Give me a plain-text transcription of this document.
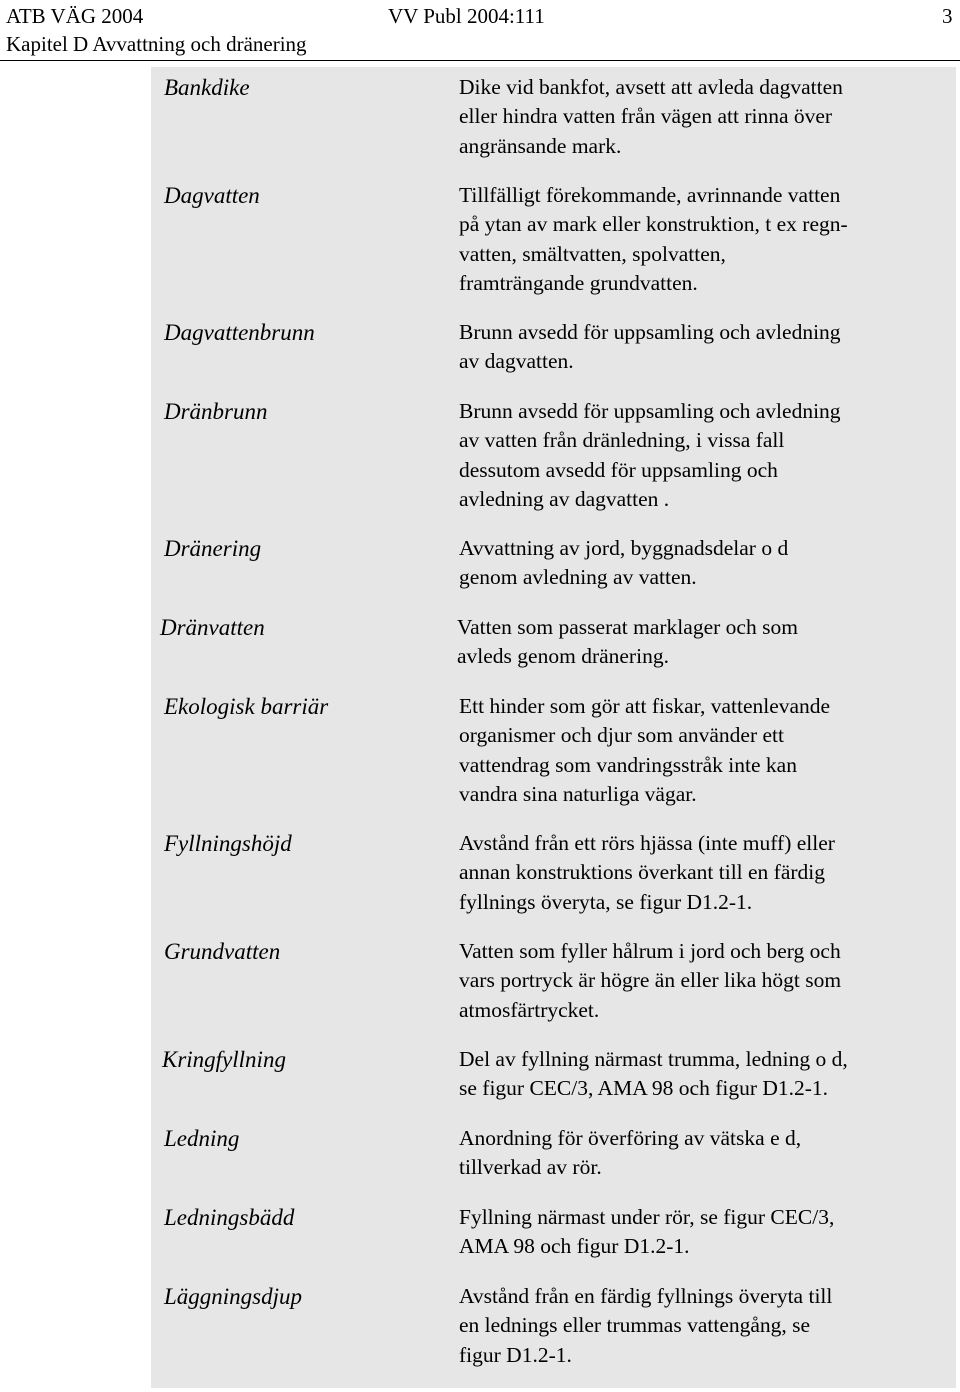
ATB VÄG 2004	VV Publ 2004:111	3
Kapitel D Avvattning och dränering
Bankdike	Dike vid bankfot, avsett att avleda dagvatten
eller hindra vatten från vägen att rinna över
angränsande mark.
Dagvatten	Tillfälligt förekommande, avrinnande vatten
på ytan av mark eller konstruktion, t ex regn-
vatten, smältvatten, spolvatten,
framträngande grundvatten.
Dagvattenbrunn	Brunn avsedd för uppsamling och avledning
av dagvatten.
Dränbrunn	Brunn avsedd för uppsamling och avledning
av vatten från dränledning, i vissa fall
dessutom avsedd för uppsamling och
avledning av dagvatten .
Dränering	Avvattning av jord, byggnadsdelar o d
genom avledning av vatten.
Dränvatten	Vatten som passerat marklager och som
avleds genom dränering.
Ekologisk barriär	Ett hinder som gör att fiskar, vattenlevande
organismer och djur som använder ett
vattendrag som vandringsstråk inte kan
vandra sina naturliga vägar.
Fyllningshöjd	Avstånd från ett rörs hjässa (inte muff) eller
annan konstruktions överkant till en färdig
fyllnings överyta, se figur D1.2-1.
Grundvatten	Vatten som fyller hålrum i jord och berg och
vars portryck är högre än eller lika högt som
atmosfärtrycket.
Kringfyllning	Del av fyllning närmast trumma, ledning o d,
se figur CEC/3, AMA 98 och figur D1.2-1.
Ledning	Anordning för överföring av vätska e d,
tillverkad av rör.
Ledningsbädd	Fyllning närmast under rör, se figur CEC/3,
AMA 98 och figur D1.2-1.
Läggningsdjup	Avstånd från en färdig fyllnings överyta till
en lednings eller trummas vattengång, se
figur D1.2-1.
